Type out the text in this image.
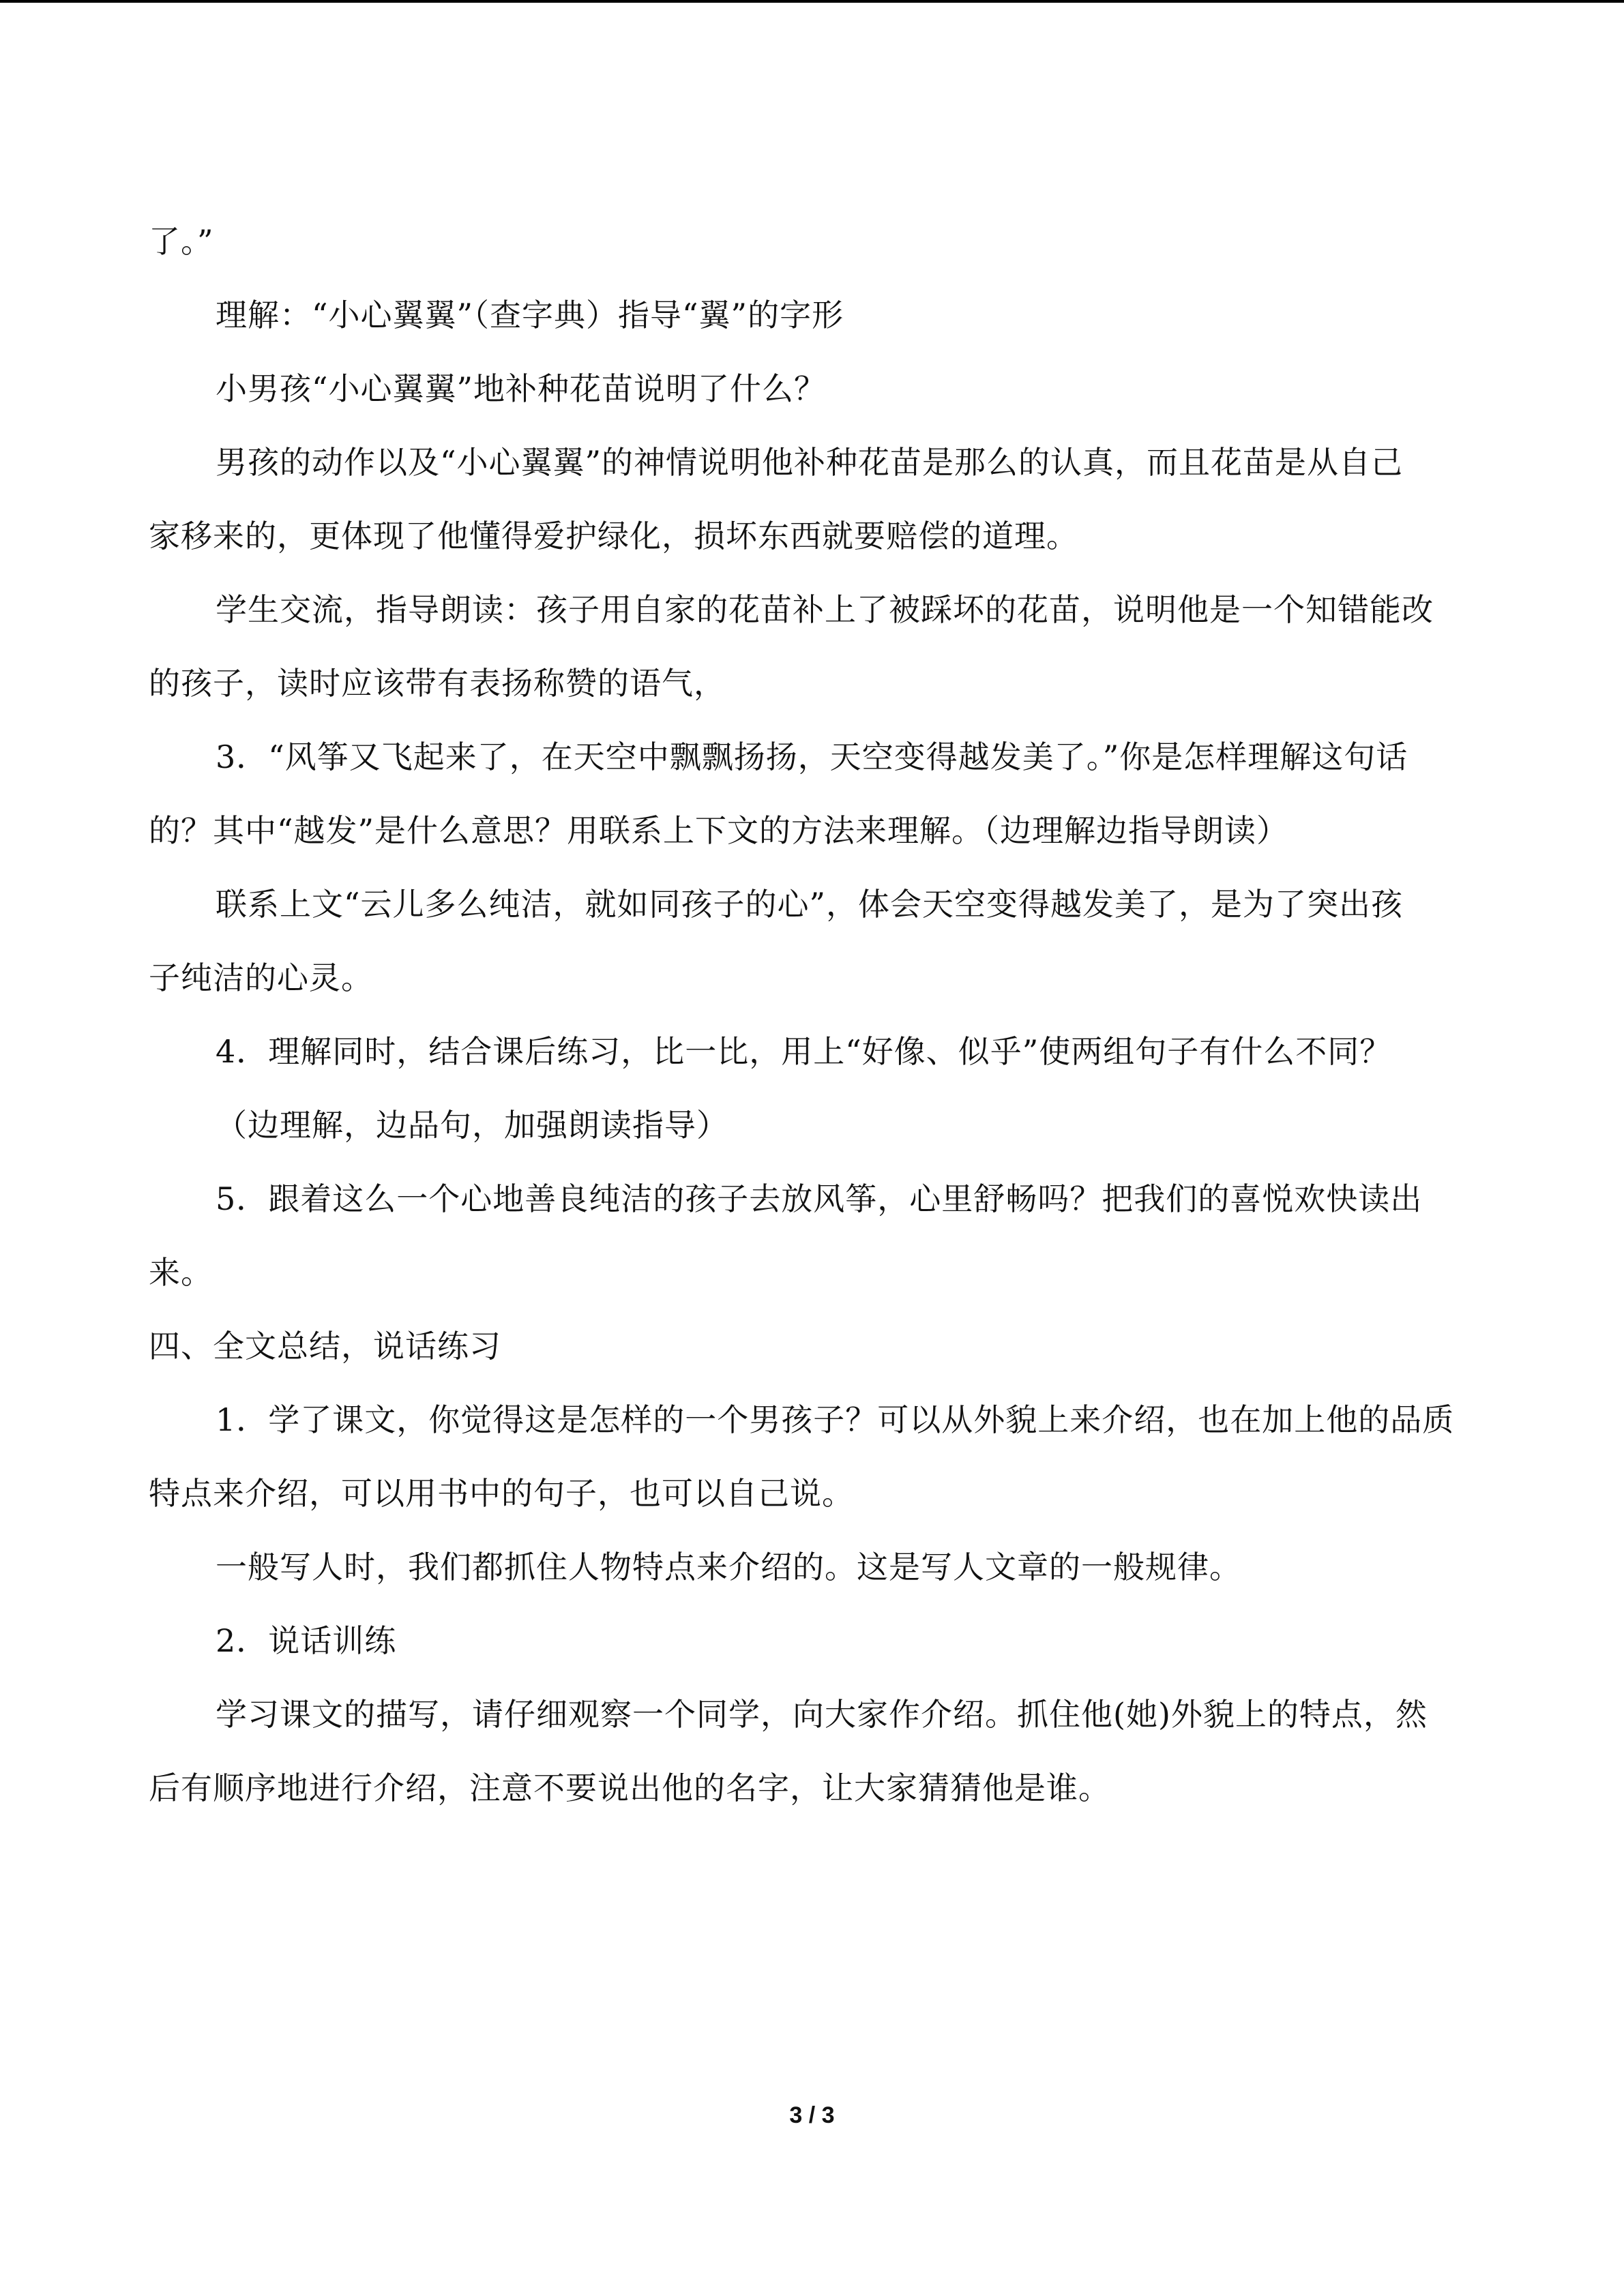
了。”
理解：“小心翼翼”（查字典）指导“翼”的字形
小男孩“小心翼翼”地补种花苗说明了什么？
男孩的动作以及“小心翼翼”的神情说明他补种花苗是那么的认真，而且花苗是从自己
家移来的，更体现了他懂得爱护绿化，损坏东西就要赔偿的道理。
学生交流，指导朗读：孩子用自家的花苗补上了被踩坏的花苗，说明他是一个知错能改
的孩子，读时应该带有表扬称赞的语气，
3．“风筝又飞起来了，在天空中飘飘扬扬，天空变得越发美了。”你是怎样理解这句话
的？其中“越发”是什么意思？用联系上下文的方法来理解。（边理解边指导朗读）
联系上文“云儿多么纯洁，就如同孩子的心”，体会天空变得越发美了，是为了突出孩
子纯洁的心灵。
4．理解同时，结合课后练习，比一比，用上“好像、似乎”使两组句子有什么不同？
（边理解，边品句，加强朗读指导）
5．跟着这么一个心地善良纯洁的孩子去放风筝，心里舒畅吗？把我们的喜悦欢快读出
来。
四、全文总结，说话练习
1．学了课文，你觉得这是怎样的一个男孩子？可以从外貌上来介绍，也在加上他的品质
特点来介绍，可以用书中的句子，也可以自己说。
一般写人时，我们都抓住人物特点来介绍的。这是写人文章的一般规律。
2．说话训练
学习课文的描写，请仔细观察一个同学，向大家作介绍。抓住他(她)外貌上的特点，然
后有顺序地进行介绍，注意不要说出他的名字，让大家猜猜他是谁。
3 / 3
